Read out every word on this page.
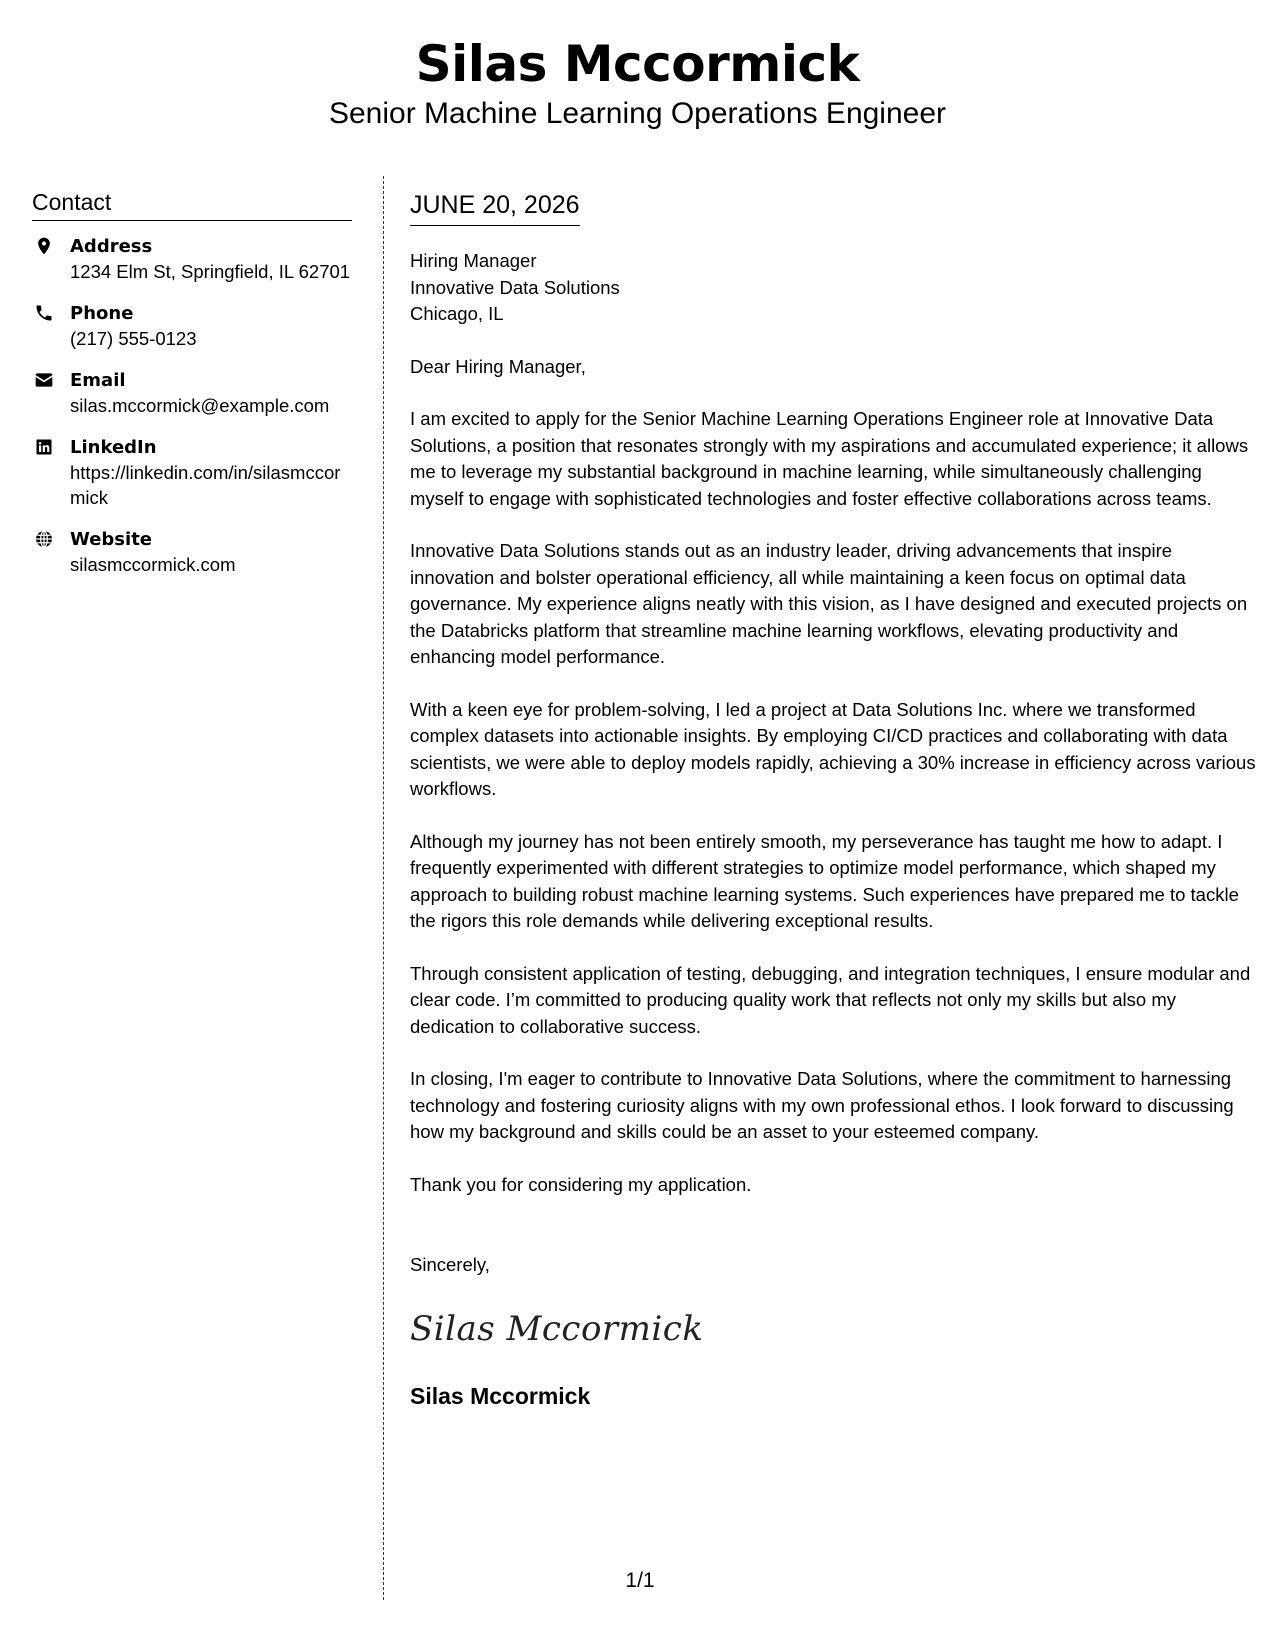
Silas Mccormick
Senior Machine Learning Operations Engineer
Contact
Address
1234 Elm St, Springfield, IL 62701
Phone
(217) 555-0123
Email
silas.mccormick@example.com
LinkedIn
https://linkedin.com/in/silasmccormick
Website
silasmccormick.com
JUNE 20, 2026
Hiring Manager
Innovative Data Solutions
Chicago, IL
Dear Hiring Manager,

I am excited to apply for the Senior Machine Learning Operations Engineer role at Innovative Data Solutions, a position that resonates strongly with my aspirations and accumulated experience; it allows me to leverage my substantial background in machine learning, while simultaneously challenging myself to engage with sophisticated technologies and foster effective collaborations across teams.

Innovative Data Solutions stands out as an industry leader, driving advancements that inspire innovation and bolster operational efficiency, all while maintaining a keen focus on optimal data governance. My experience aligns neatly with this vision, as I have designed and executed projects on the Databricks platform that streamline machine learning workflows, elevating productivity and enhancing model performance.

With a keen eye for problem-solving, I led a project at Data Solutions Inc. where we transformed complex datasets into actionable insights. By employing CI/CD practices and collaborating with data scientists, we were able to deploy models rapidly, achieving a 30% increase in efficiency across various workflows.

Although my journey has not been entirely smooth, my perseverance has taught me how to adapt. I frequently experimented with different strategies to optimize model performance, which shaped my approach to building robust machine learning systems. Such experiences have prepared me to tackle the rigors this role demands while delivering exceptional results.

Through consistent application of testing, debugging, and integration techniques, I ensure modular and clear code. I’m committed to producing quality work that reflects not only my skills but also my dedication to collaborative success.

In closing, I'm eager to contribute to Innovative Data Solutions, where the commitment to harnessing technology and fostering curiosity aligns with my own professional ethos. I look forward to discussing how my background and skills could be an asset to your esteemed company.

Thank you for considering my application.

Sincerely,
Silas Mccormick
Silas Mccormick
1/1
